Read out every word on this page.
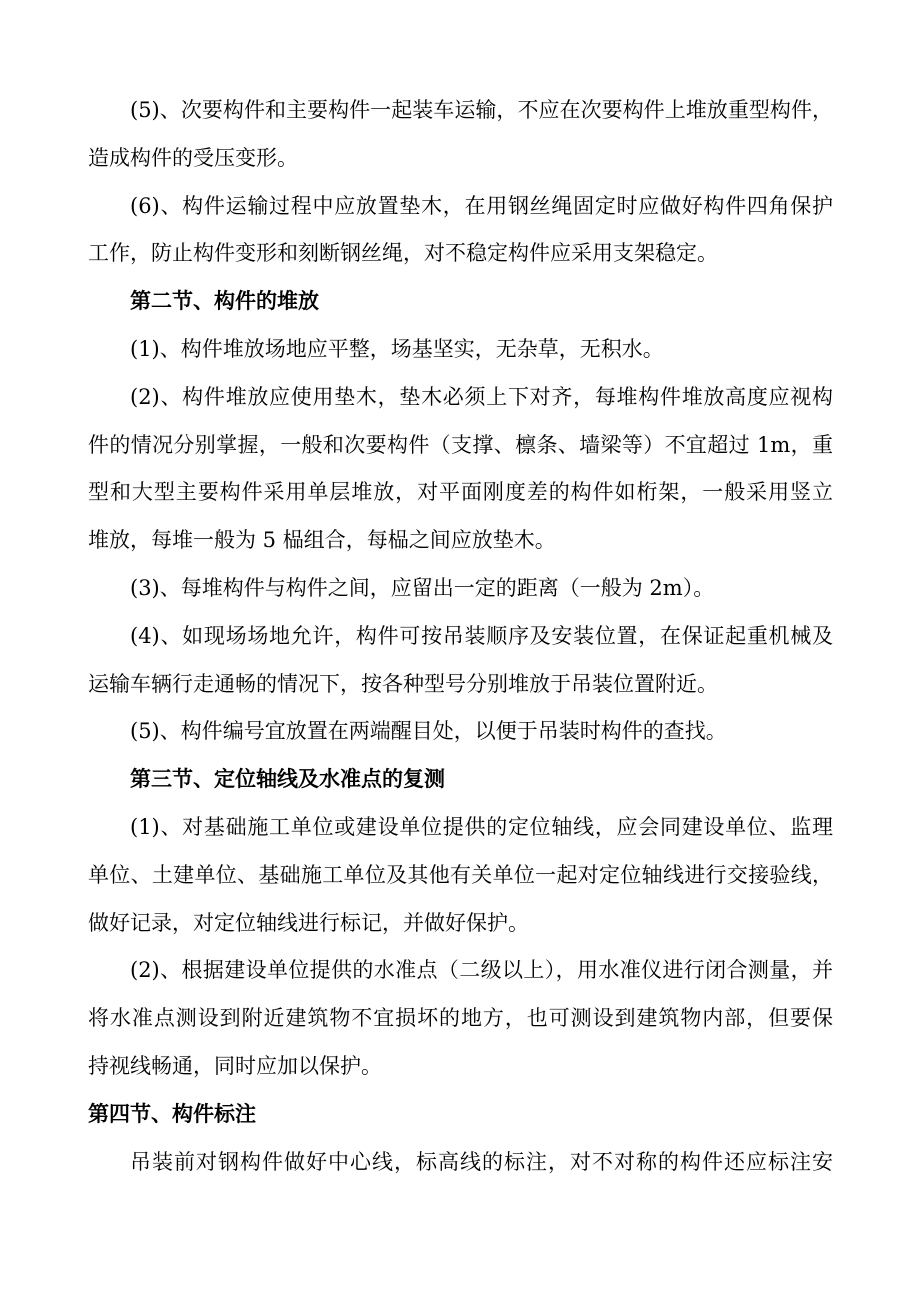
(5)、次要构件和主要构件一起装车运输，不应在次要构件上堆放重型构件，
造成构件的受压变形。
(6)、构件运输过程中应放置垫木，在用钢丝绳固定时应做好构件四角保护
工作，防止构件变形和刻断钢丝绳，对不稳定构件应采用支架稳定。
第二节、构件的堆放
(1)、构件堆放场地应平整，场基坚实，无杂草，无积水。
(2)、构件堆放应使用垫木，垫木必须上下对齐，每堆构件堆放高度应视构
件的情况分别掌握，一般和次要构件（支撑、檩条、墙梁等）不宜超过 1m，重
型和大型主要构件采用单层堆放，对平面刚度差的构件如桁架，一般采用竖立
堆放，每堆一般为 5 榀组合，每榀之间应放垫木。
(3)、每堆构件与构件之间，应留出一定的距离（一般为 2m）。
(4)、如现场场地允许，构件可按吊装顺序及安装位置，在保证起重机械及
运输车辆行走通畅的情况下，按各种型号分别堆放于吊装位置附近。
(5)、构件编号宜放置在两端醒目处，以便于吊装时构件的查找。
第三节、定位轴线及水准点的复测
(1)、对基础施工单位或建设单位提供的定位轴线，应会同建设单位、监理
单位、土建单位、基础施工单位及其他有关单位一起对定位轴线进行交接验线，
做好记录，对定位轴线进行标记，并做好保护。
(2)、根据建设单位提供的水准点（二级以上），用水准仪进行闭合测量，并
将水准点测设到附近建筑物不宜损坏的地方，也可测设到建筑物内部，但要保
持视线畅通，同时应加以保护。
第四节、构件标注
吊装前对钢构件做好中心线，标高线的标注，对不对称的构件还应标注安
